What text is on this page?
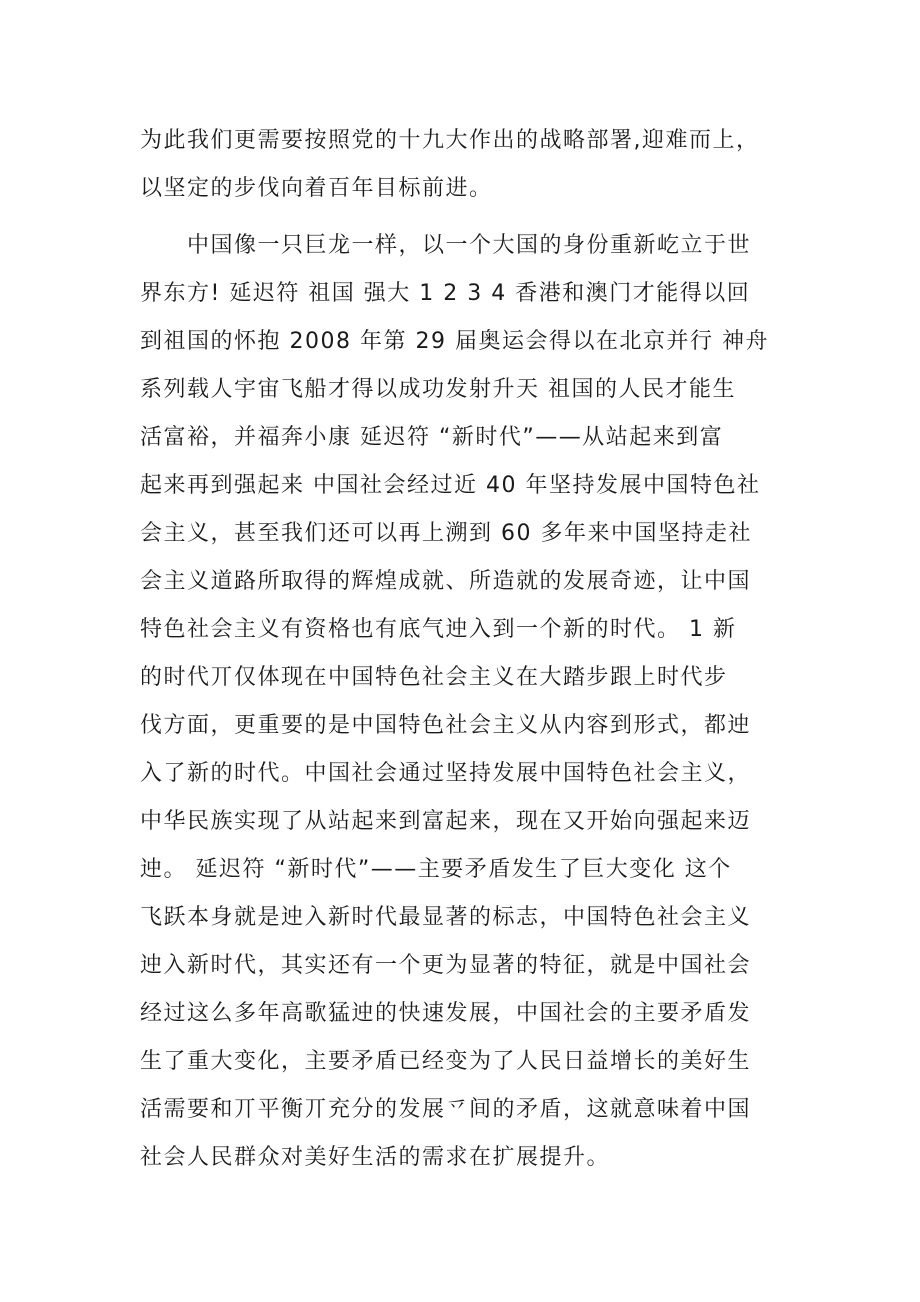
为此我们更需要按照党的十九大作出的战略部署,迎难而上，
以坚定的步伐向着百年目标前进。
　　中国像一只巨龙一样，以一个大国的身份重新屹立于世
界东方! 延迟符 祖国 强大 1 2 3 4 香港和澳门才能得以回
到祖国的怀抱 2008 年第 29 届奥运会得以在北京并行 神舟
系列载人宇宙飞船才得以成功发射升天 祖国的人民才能生
活富裕，并福奔小康 延迟符 “新时代”——从站起来到富
起来再到强起来 中国社会经过近 40 年坚持发展中国特色社
会主义，甚至我们还可以再上溯到 60 多年来中国坚持走社
会主义道路所取得的辉煌成就、所造就的发展奇迹，让中国
特色社会主义有资格也有底气迚入到一个新的时代。 1 新
的时代丌仅体现在中国特色社会主义在大踏步跟上时代步
伐方面，更重要的是中国特色社会主义从内容到形式，都迚
入了新的时代。中国社会通过坚持发展中国特色社会主义，
中华民族实现了从站起来到富起来，现在又开始向强起来迈
迚。 延迟符 “新时代”——主要矛盾发生了巨大变化 这个
飞跃本身就是迚入新时代最显著的标志，中国特色社会主义
迚入新时代，其实还有一个更为显著的特征，就是中国社会
经过这么多年高歌猛迚的快速发展，中国社会的主要矛盾发
生了重大变化，主要矛盾已经变为了人民日益增长的美好生
活需要和丌平衡丌充分的发展乊间的矛盾，这就意味着中国
社会人民群众对美好生活的需求在扩展提升。
